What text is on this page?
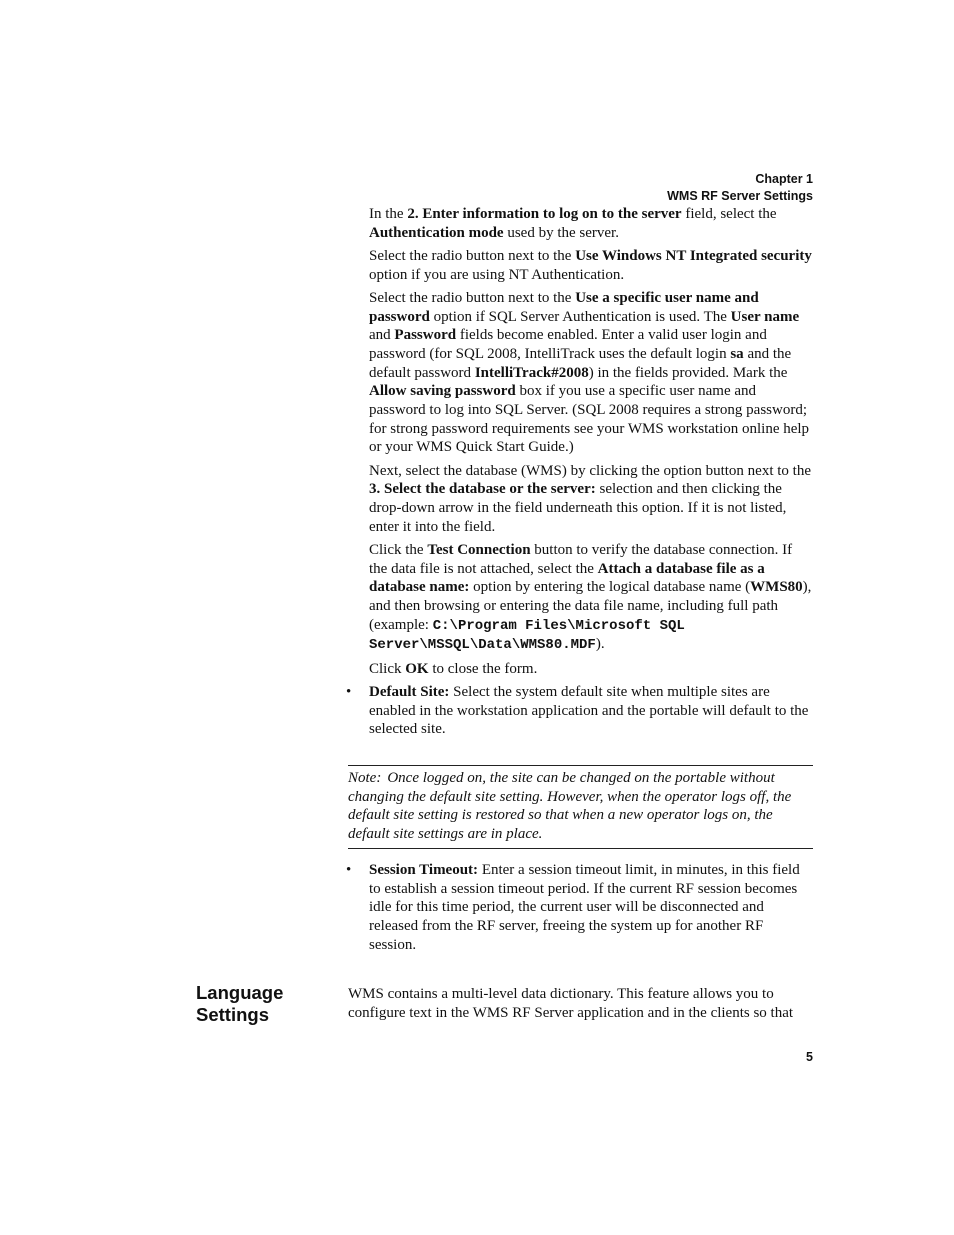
Chapter 1
WMS RF Server Settings

In the 2. Enter information to log on to the server field, select the Authentication mode used by the server.

Select the radio button next to the Use Windows NT Integrated security option if you are using NT Authentication.

Select the radio button next to the Use a specific user name and password option if SQL Server Authentication is used. The User name and Password fields become enabled. Enter a valid user login and password (for SQL 2008, IntelliTrack uses the default login sa and the default password IntelliTrack#2008) in the fields provided. Mark the Allow saving password box if you use a specific user name and password to log into SQL Server. (SQL 2008 requires a strong password; for strong password requirements see your WMS workstation online help or your WMS Quick Start Guide.)

Next, select the database (WMS) by clicking the option button next to the 3. Select the database or the server: selection and then clicking the drop-down arrow in the field underneath this option. If it is not listed, enter it into the field.

Click the Test Connection button to verify the database connection. If the data file is not attached, select the Attach a database file as a database name: option by entering the logical database name (WMS80), and then browsing or entering the data file name, including full path (example: C:\Program Files\Microsoft SQL Server\MSSQL\Data\WMS80.MDF).

Click OK to close the form.

• Default Site: Select the system default site when multiple sites are enabled in the workstation application and the portable will default to the selected site.

Note: Once logged on, the site can be changed on the portable without changing the default site setting. However, when the operator logs off, the default site setting is restored so that when a new operator logs on, the default site settings are in place.
• Session Timeout: Enter a session timeout limit, in minutes, in this field to establish a session timeout period. If the current RF session becomes idle for this time period, the current user will be disconnected and released from the RF server, freeing the system up for another RF session.
Language
Settings
WMS contains a multi-level data dictionary. This feature allows you to configure text in the WMS RF Server application and in the clients so that
5
